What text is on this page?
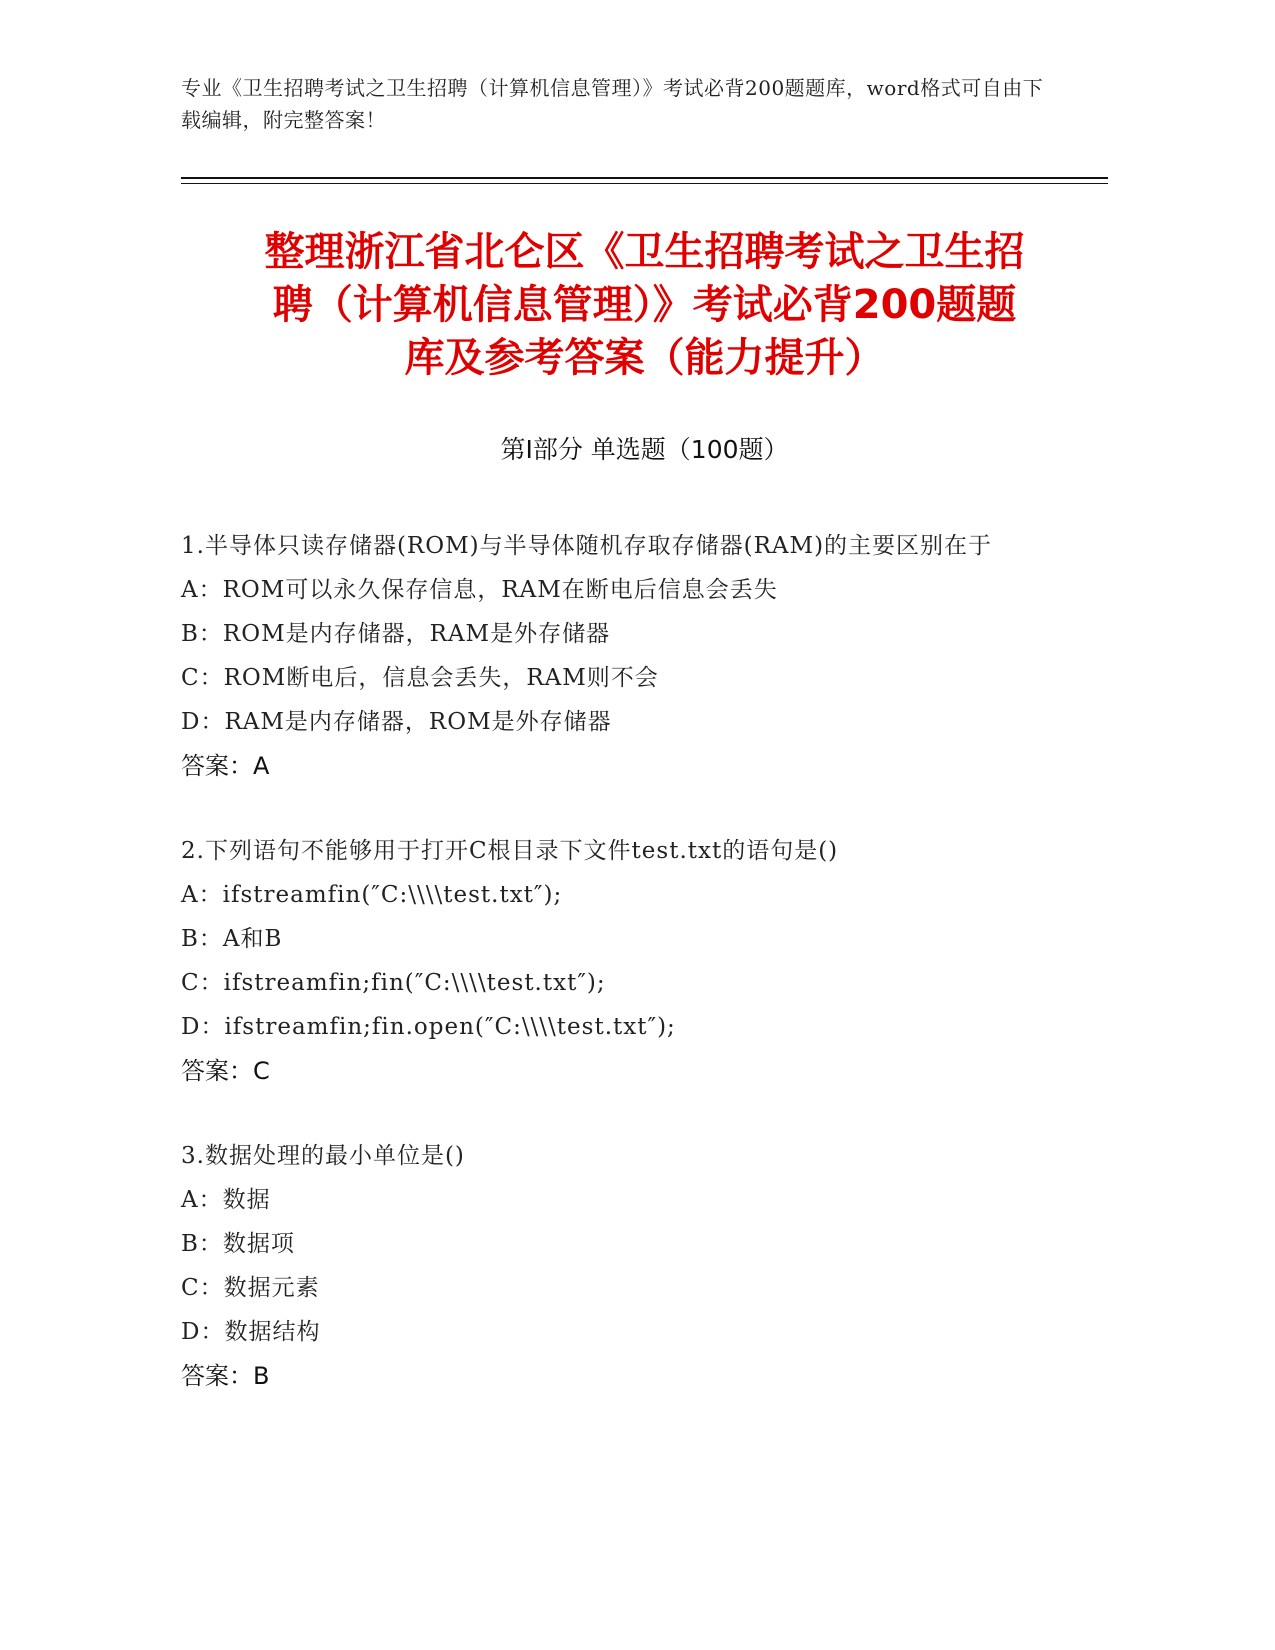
专业《卫生招聘考试之卫生招聘（计算机信息管理）》考试必背200题题库，word格式可自由下载编辑，附完整答案！
整理浙江省北仑区《卫生招聘考试之卫生招
聘（计算机信息管理）》考试必背200题题
库及参考答案（能力提升）
第Ⅰ部分 单选题（100题）
1.半导体只读存储器(ROM)与半导体随机存取存储器(RAM)的主要区别在于
A：ROM可以永久保存信息，RAM在断电后信息会丢失
B：ROM是内存储器，RAM是外存储器
C：ROM断电后，信息会丢失，RAM则不会
D：RAM是内存储器，ROM是外存储器
答案：A
2.下列语句不能够用于打开C根目录下文件test.txt的语句是()
A：ifstreamfin(″C:\\\\test.txt″);
B：A和B
C：ifstreamfin;fin(″C:\\\\test.txt″);
D：ifstreamfin;fin.open(″C:\\\\test.txt″);
答案：C
3.数据处理的最小单位是()
A：数据
B：数据项
C：数据元素
D：数据结构
答案：B
